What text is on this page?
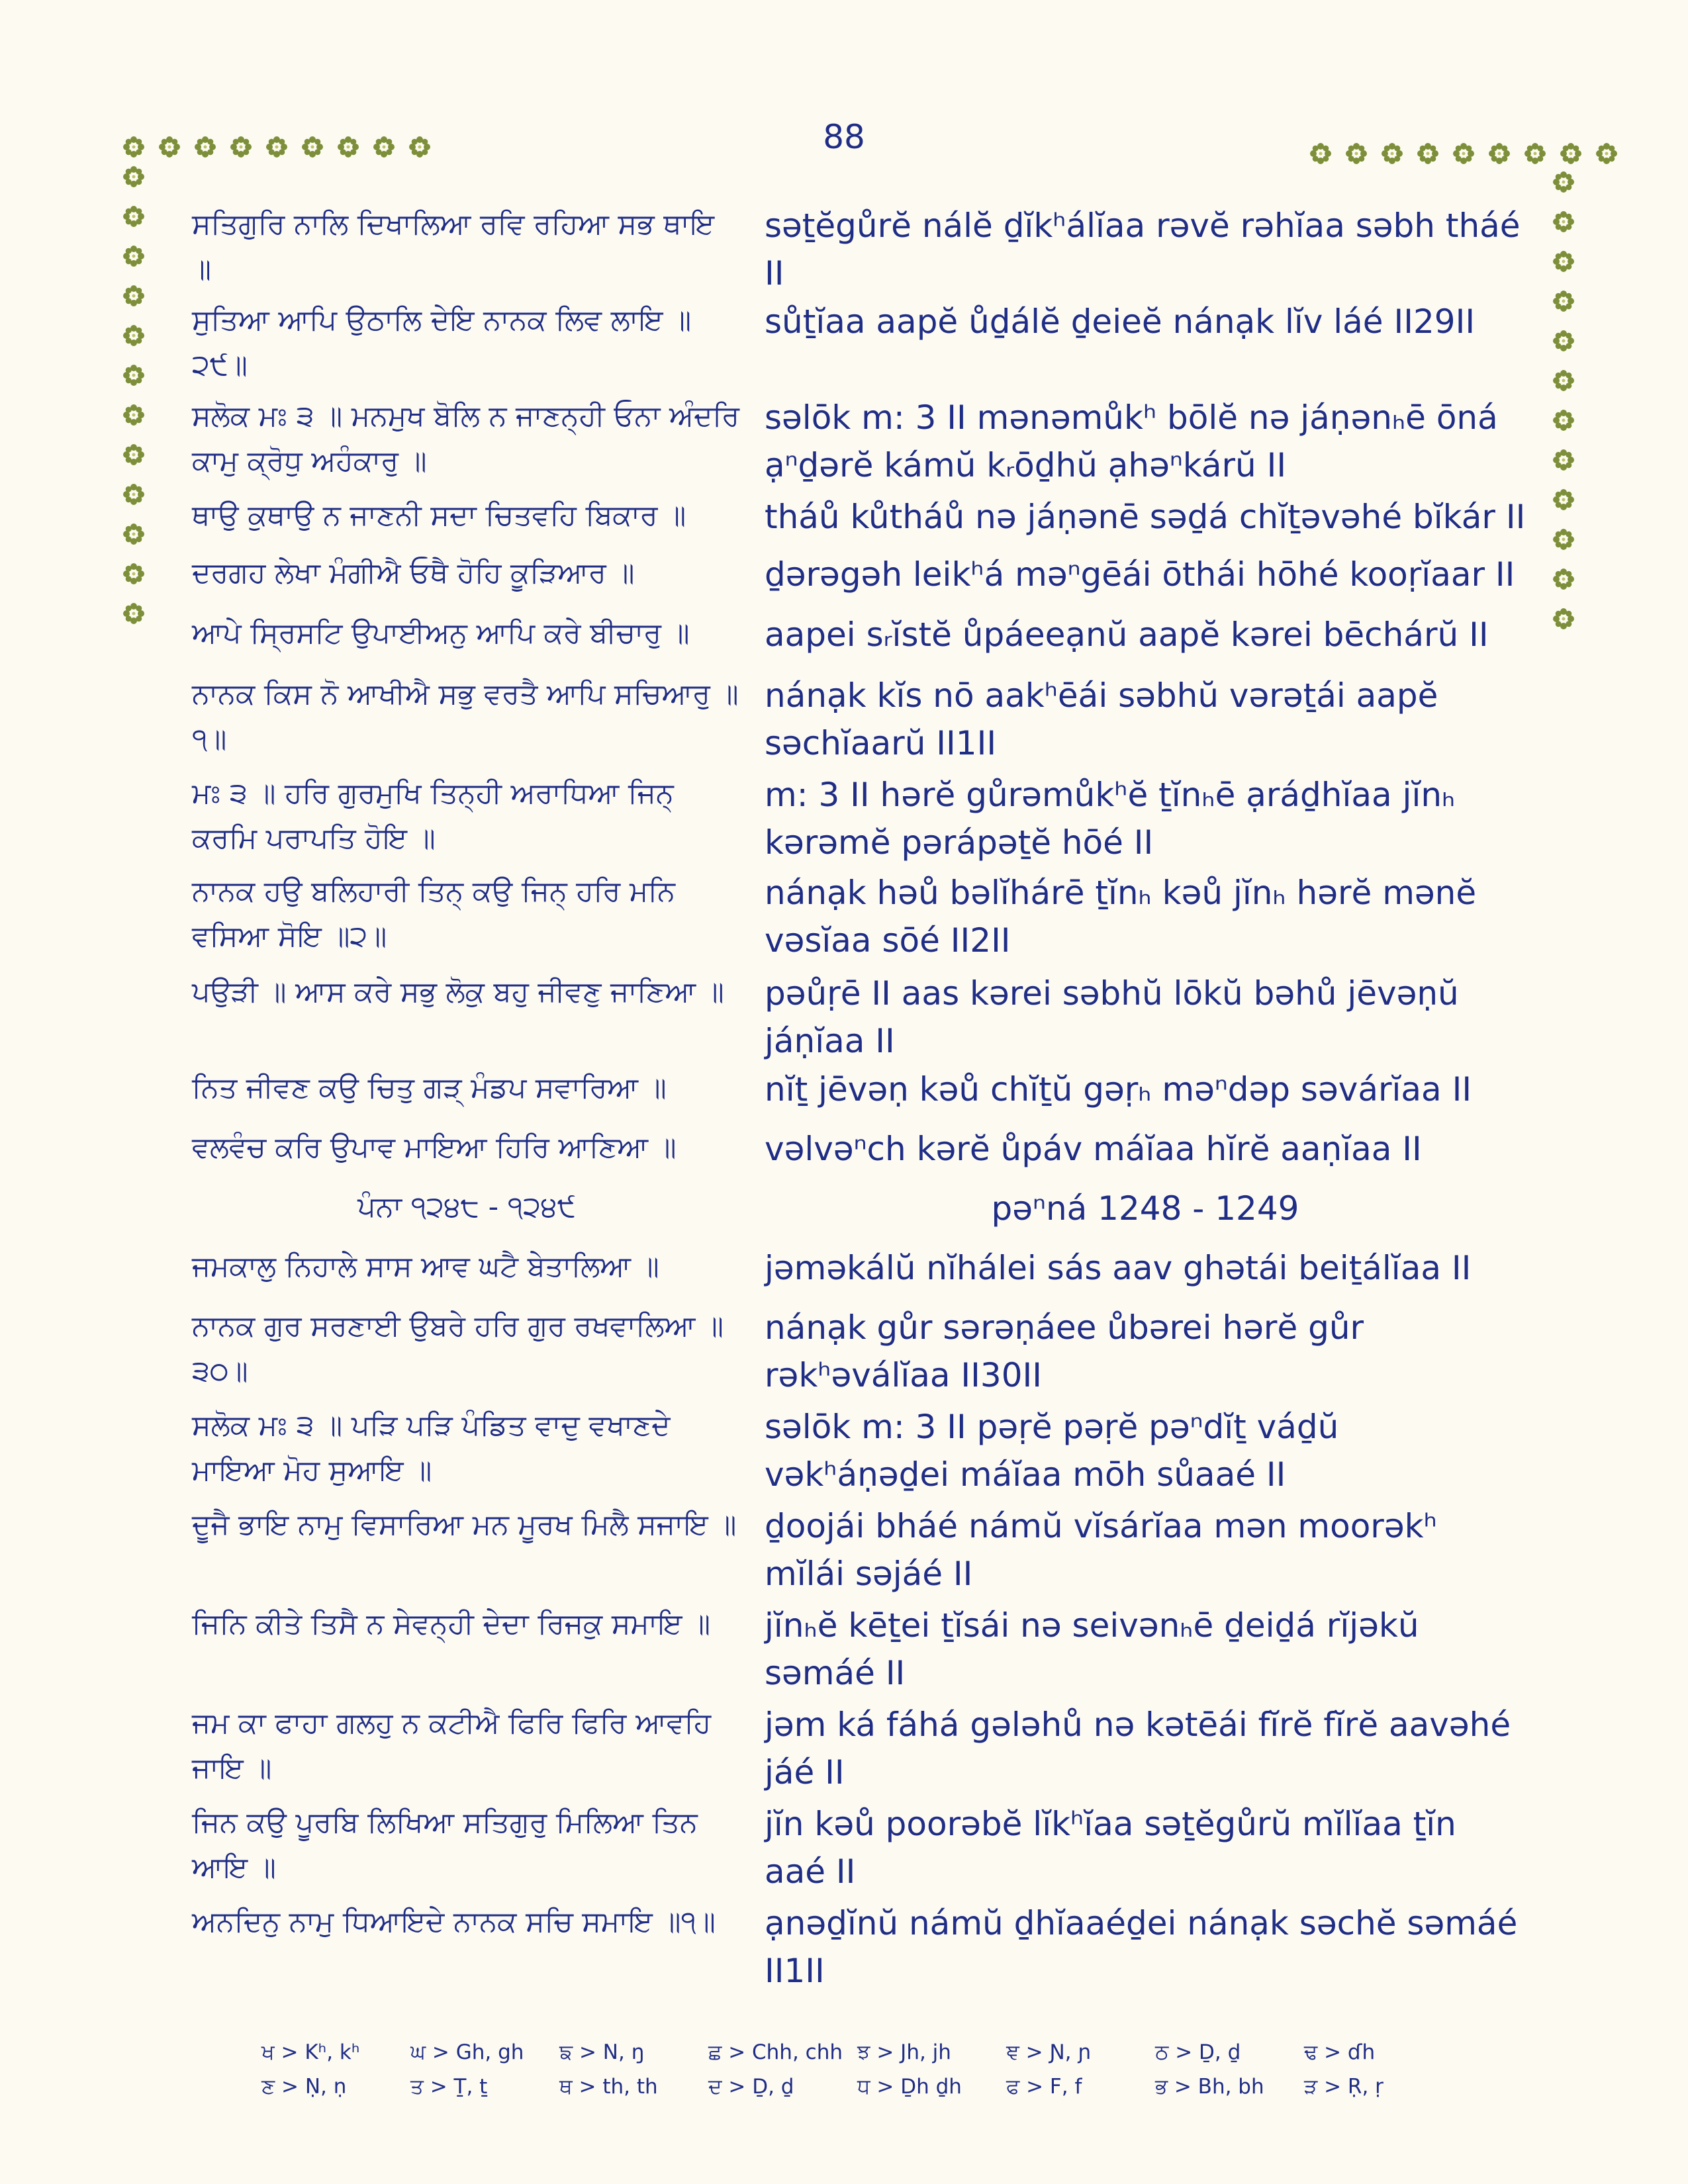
88
ਸਤਿਗੁਰਿ ਨਾਲਿ ਦਿਖਾਲਿਆ ਰਵਿ ਰਹਿਆ ਸਭ ਥਾਇ ॥
səṯĕgůrĕ nálĕ ḏĭkʰálĭaa rəvĕ rəhĭaa səbh tháé II
ਸੁਤਿਆ ਆਪਿ ਉਠਾਲਿ ਦੇਇ ਨਾਨਕ ਲਿਵ ਲਾਇ ॥੨੯॥
sůṯĭaa aapĕ ůḏálĕ ḏeieĕ nánạk lĭv láé II29II
ਸਲੋਕ ਮਃ ੩ ॥ ਮਨਮੁਖ ਬੋਲਿ ਨ ਜਾਣਨ੍ਹੀ ਓਨਾ ਅੰਦਰਿ ਕਾਮੁ ਕ੍ਰੋਧੁ ਅਹੰਕਾਰੁ ॥
səlōk m: 3 II mənəmůkʰ bōlĕ nə jáṇənₕē ōná ạⁿḏərĕ kámŭ kᵣōḏhŭ ạhəⁿkárŭ II
ਥਾਉ ਕੁਥਾਉ ਨ ਜਾਣਨੀ ਸਦਾ ਚਿਤਵਹਿ ਬਿਕਾਰ ॥	tháů kůtháů nə jáṇənē səḏá chĭṯəvəhé bĭkár II
ਦਰਗਹ ਲੇਖਾ ਮੰਗੀਐ ਓਥੈ ਹੋਹਿ ਕੂੜਿਆਰ ॥	ḏərəgəh leikʰá məⁿgēái ōthái hōhé kooṛĭaar II
ਆਪੇ ਸ੍ਰਿਸਟਿ ਉਪਾਈਅਨੁ ਆਪਿ ਕਰੇ ਬੀਚਾਰੁ ॥	aapei sᵣĭstĕ ůpáeeạnŭ aapĕ kərei bēchárŭ II
ਨਾਨਕ ਕਿਸ ਨੋ ਆਖੀਐ ਸਭੁ ਵਰਤੈ ਆਪਿ ਸਚਿਆਰੁ ॥੧॥
nánạk kĭs nō aakʰēái səbhŭ vərəṯái aapĕ səchĭaarŭ II1II
ਮਃ ੩ ॥ ਹਰਿ ਗੁਰਮੁਖਿ ਤਿਨ੍ਹੀ ਅਰਾਧਿਆ ਜਿਨ੍ ਕਰਮਿ ਪਰਾਪਤਿ ਹੋਇ ॥
m: 3 II hərĕ gůrəmůkʰĕ ṯĭnₕē ạráḏhĭaa jĭnₕ kərəmĕ pərápəṯĕ hōé II
ਨਾਨਕ ਹਉ ਬਲਿਹਾਰੀ ਤਿਨ੍ ਕਉ ਜਿਨ੍ ਹਰਿ ਮਨਿ ਵਸਿਆ ਸੋਇ ॥੨॥
nánạk həů bəlĭhárē ṯĭnₕ kəů jĭnₕ hərĕ mənĕ vəsĭaa sōé II2II
ਪਉੜੀ ॥ ਆਸ ਕਰੇ ਸਭੁ ਲੋਕੁ ਬਹੁ ਜੀਵਣੁ ਜਾਣਿਆ ॥	pəůṛē II aas kərei səbhŭ lōkŭ bəhů jēvəṇŭ jáṇĭaa II
ਨਿਤ ਜੀਵਣ ਕਉ ਚਿਤੁ ਗੜ੍ ਮੰਡਪ ਸਵਾਰਿਆ ॥	nĭṯ jēvəṇ kəů chĭṯŭ gəṛₕ məⁿdəp səvárĭaa II
ਵਲਵੰਚ ਕਰਿ ਉਪਾਵ ਮਾਇਆ ਹਿਰਿ ਆਣਿਆ ॥	vəlvəⁿch kərĕ ůpáv máĭaa hĭrĕ aaṇĭaa II
ਪੰਨਾ ੧੨੪੮ - ੧੨੪੯	pəⁿná 1248 - 1249
ਜਮਕਾਲੁ ਨਿਹਾਲੇ ਸਾਸ ਆਵ ਘਟੈ ਬੇਤਾਲਿਆ ॥	jəməkálŭ nĭhálei sás aav ghətái beiṯálĭaa II
ਨਾਨਕ ਗੁਰ ਸਰਣਾਈ ਉਬਰੇ ਹਰਿ ਗੁਰ ਰਖਵਾਲਿਆ ॥੩੦॥
nánạk gůr sərəṇáee ůbərei hərĕ gůr rəkʰəválĭaa II30II
ਸਲੋਕ ਮਃ ੩ ॥ ਪੜਿ ਪੜਿ ਪੰਡਿਤ ਵਾਦੁ ਵਖਾਣਦੇ ਮਾਇਆ ਮੋਹ ਸੁਆਇ ॥
səlōk m: 3 II pəṛĕ pəṛĕ pəⁿdĭṯ váḏŭ vəkʰáṇəḏei máĭaa mōh sůaaé II
ਦੂਜੈ ਭਾਇ ਨਾਮੁ ਵਿਸਾਰਿਆ ਮਨ ਮੂਰਖ ਮਿਲੈ ਸਜਾਇ ॥ ḏoojái bháé námŭ vĭsárĭaa mən moorəkʰ mĭlái səjáé II
ਜਿਨਿ ਕੀਤੇ ਤਿਸੈ ਨ ਸੇਵਨ੍ਹੀ ਦੇਦਾ ਰਿਜਕੁ ਸਮਾਇ ॥	jĭnₕĕ kēṯei ṯĭsái nə seivənₕē ḏeiḏá rĭjəkŭ səmáé II
ਜਮ ਕਾ ਫਾਹਾ ਗਲਹੁ ਨ ਕਟੀਐ ਫਿਰਿ ਫਿਰਿ ਆਵਹਿ ਜਾਇ ॥
jəm ká fáhá gələhů nə kətēái fĭrĕ fĭrĕ aavəhé jáé II
ਜਿਨ ਕਉ ਪੂਰਬਿ ਲਿਖਿਆ ਸਤਿਗੁਰੁ ਮਿਲਿਆ ਤਿਨ ਆਇ ॥
jĭn kəů poorəbĕ lĭkʰĭaa səṯĕgůrŭ mĭlĭaa ṯĭn aaé II
ਅਨਦਿਨੁ ਨਾਮੁ ਧਿਆਇਦੇ ਨਾਨਕ ਸਚਿ ਸਮਾਇ ॥੧॥	ạnəḏĭnŭ námŭ ḏhĭaaéḏei nánạk səchĕ səmáé II1II
ਖ > Kʰ, kʰ	ਘ > Gh, gh	ਙ > N, ŋ	ਛ > Chh, chh ਝ > Jh, jh	ਞ > Ɲ, ɲ	ਠ > Ḏ, ḏ	ਢ > ɗh
ਣ > Ṇ, ṇ	ਤ > Ṯ, ṯ	ਥ > th, th	ਦ > Ḏ, ḏ	ਧ > Ḏh ḏh	ਫ > F, f	ਭ > Bh, bh	ੜ > Ṛ, ṛ
